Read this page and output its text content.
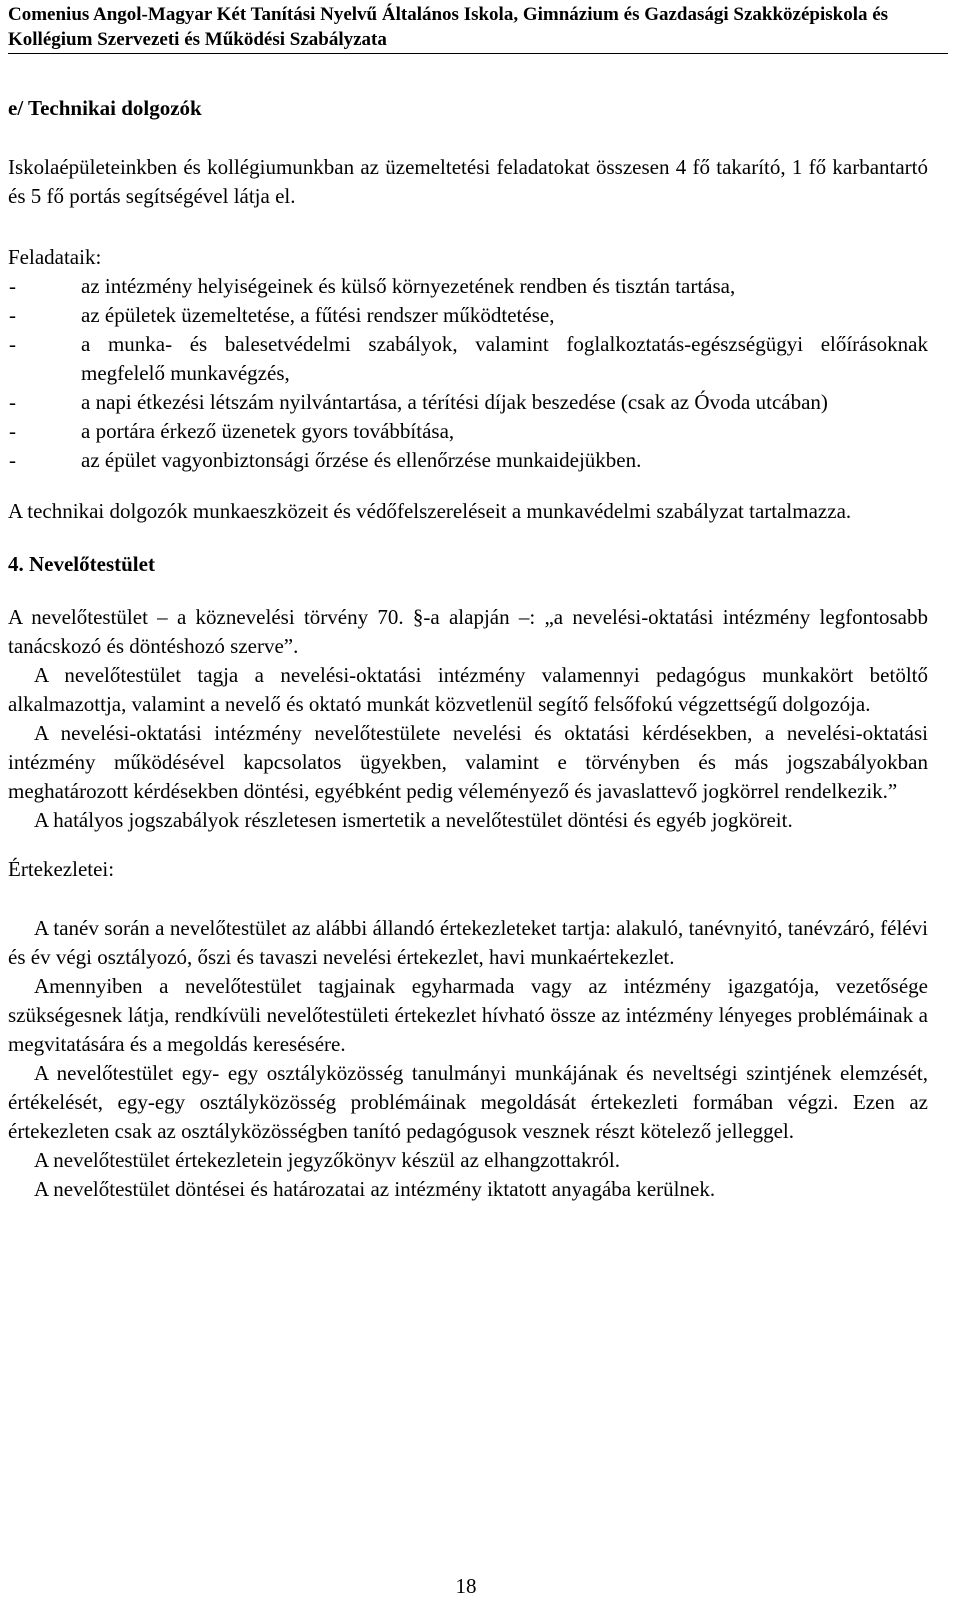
Comenius Angol-Magyar Két Tanítási Nyelvű Általános Iskola, Gimnázium és Gazdasági Szakközépiskola és
Kollégium Szervezeti és Működési Szabályzata

e/ Technikai dolgozók

Iskolaépületeinkben és kollégiumunkban az üzemeltetési feladatokat összesen 4 fő takarító, 1 fő karbantartó és 5 fő portás segítségével látja el.

Feladataik:

-	az intézmény helyiségeinek és külső környezetének rendben és tisztán tartása,
-	az épületek üzemeltetése, a fűtési rendszer működtetése,
-	a munka- és balesetvédelmi szabályok, valamint foglalkoztatás-egészségügyi előírásoknak megfelelő munkavégzés,
-	a napi étkezési létszám nyilvántartása, a térítési díjak beszedése (csak az Óvoda utcában)
-	a portára érkező üzenetek gyors továbbítása,
-	az épület vagyonbiztonsági őrzése és ellenőrzése munkaidejükben.

A technikai dolgozók munkaeszközeit és védőfelszereléseit a munkavédelmi szabályzat tartalmazza.

4. Nevelőtestület

A nevelőtestület – a köznevelési törvény 70. §-a alapján –: „a nevelési-oktatási intézmény legfontosabb tanácskozó és döntéshozó szerve”.

A nevelőtestület tagja a nevelési-oktatási intézmény valamennyi pedagógus munkakört betöltő alkalmazottja, valamint a nevelő és oktató munkát közvetlenül segítő felsőfokú végzettségű dolgozója.

A nevelési-oktatási intézmény nevelőtestülete nevelési és oktatási kérdésekben, a nevelési-oktatási intézmény működésével kapcsolatos ügyekben, valamint e törvényben és más jogszabályokban meghatározott kérdésekben döntési, egyébként pedig véleményező és javaslattevő jogkörrel rendelkezik.”

A hatályos jogszabályok részletesen ismertetik a nevelőtestület döntési és egyéb jogköreit.

Értekezletei:

A tanév során a nevelőtestület az alábbi állandó értekezleteket tartja: alakuló, tanévnyitó, tanévzáró, félévi és év végi osztályozó, őszi és tavaszi nevelési értekezlet, havi munkaértekezlet.

Amennyiben a nevelőtestület tagjainak egyharmada vagy az intézmény igazgatója, vezetősége szükségesnek látja, rendkívüli nevelőtestületi értekezlet hívható össze az intézmény lényeges problémáinak a megvitatására és a megoldás keresésére.

A nevelőtestület egy- egy osztályközösség tanulmányi munkájának és neveltségi szintjének elemzését, értékelését, egy-egy osztályközösség problémáinak megoldását értekezleti formában végzi. Ezen az értekezleten csak az osztályközösségben tanító pedagógusok vesznek részt kötelező jelleggel.

A nevelőtestület értekezletein jegyzőkönyv készül az elhangzottakról.

A nevelőtestület döntései és határozatai az intézmény iktatott anyagába kerülnek.

18
